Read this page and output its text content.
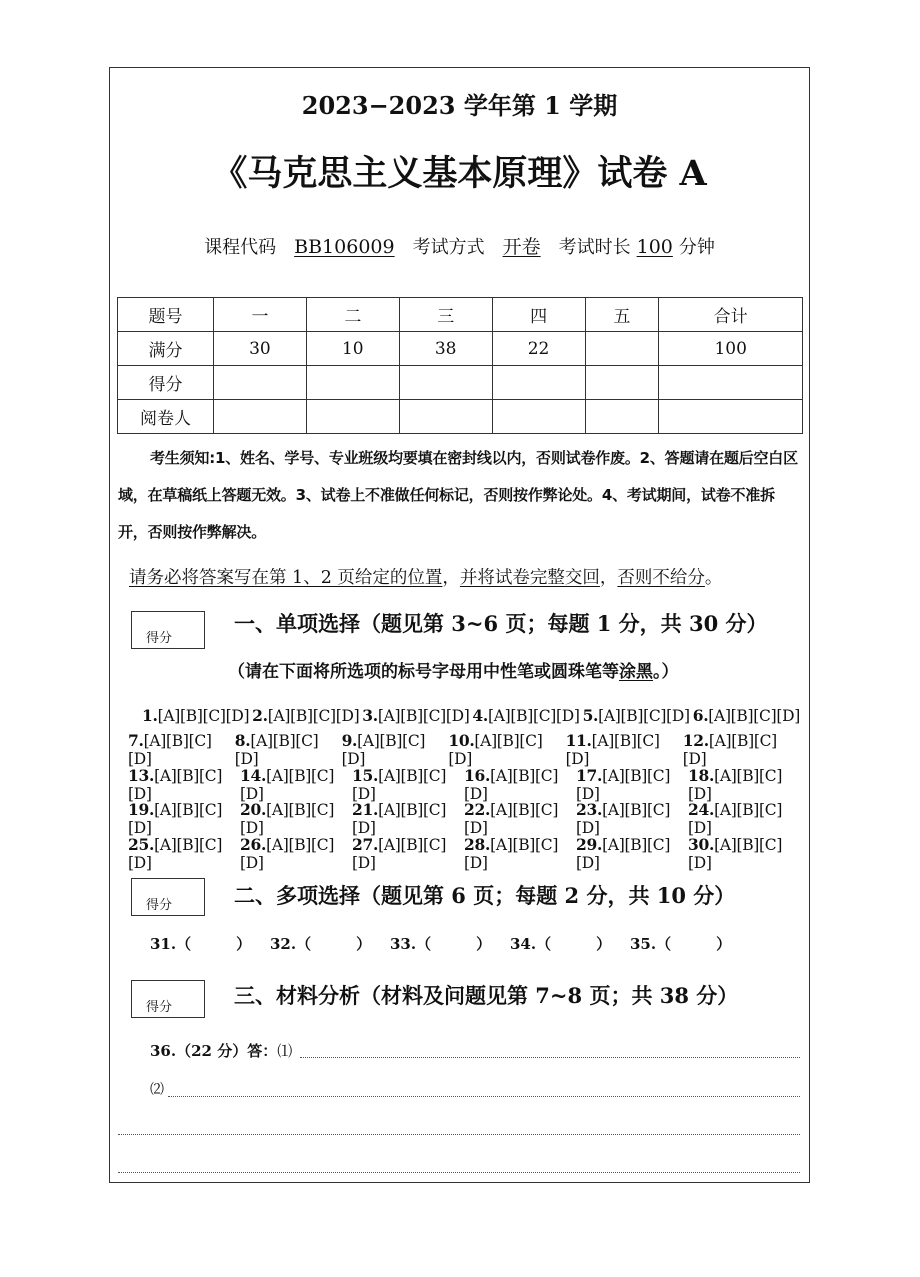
2023−2023 学年第 1 学期
《马克思主义基本原理》试卷 A
课程代码 BB106009 考试方式 开卷 考试时长 100 分钟
题号	一	二	三	四	五	合计
满分	30	10	38	22		100
得分						
阅卷人						
考生须知:1、姓名、学号、专业班级均要填在密封线以内，否则试卷作废。2、答题请在题后空白区域，在草稿纸上答题无效。3、试卷上不准做任何标记，否则按作弊论处。4、考试期间，试卷不准拆开，否则按作弊解决。
请务必将答案写在第 1、2 页给定的位置，并将试卷完整交回，否则不给分。
得分
一、单项选择（题见第 3~6 页；每题 1 分，共 30 分）
（请在下面将所选项的标号字母用中性笔或圆珠笔等涂黑。）
1.[A][B][C][D] 2.[A][B][C][D] 3.[A][B][C][D] 4.[A][B][C][D] 5.[A][B][C][D] 6.[A][B][C][D]
7.[A][B][C][D]
8.[A][B][C][D]
9.[A][B][C][D]
10.[A][B][C][D]
11.[A][B][C][D]
12.[A][B][C][D]
13.[A][B][C][D]
14.[A][B][C][D]
15.[A][B][C][D]
16.[A][B][C][D]
17.[A][B][C][D]
18.[A][B][C][D]
19.[A][B][C][D]
20.[A][B][C][D]
21.[A][B][C][D]
22.[A][B][C][D]
23.[A][B][C][D]
24.[A][B][C][D]
25.[A][B][C][D]
26.[A][B][C][D]
27.[A][B][C][D]
28.[A][B][C][D]
29.[A][B][C][D]
30.[A][B][C][D]
得分	二、多项选择（题见第 6 页；每题 2 分，共 10 分）
31.（　　　）	32.（　　　）	33.（　　　）	34.（　　　）	35.（　　　）
得分	三、材料分析（材料及问题见第 7~8 页；共 38 分）
36.（22 分）答：⑴
⑵
